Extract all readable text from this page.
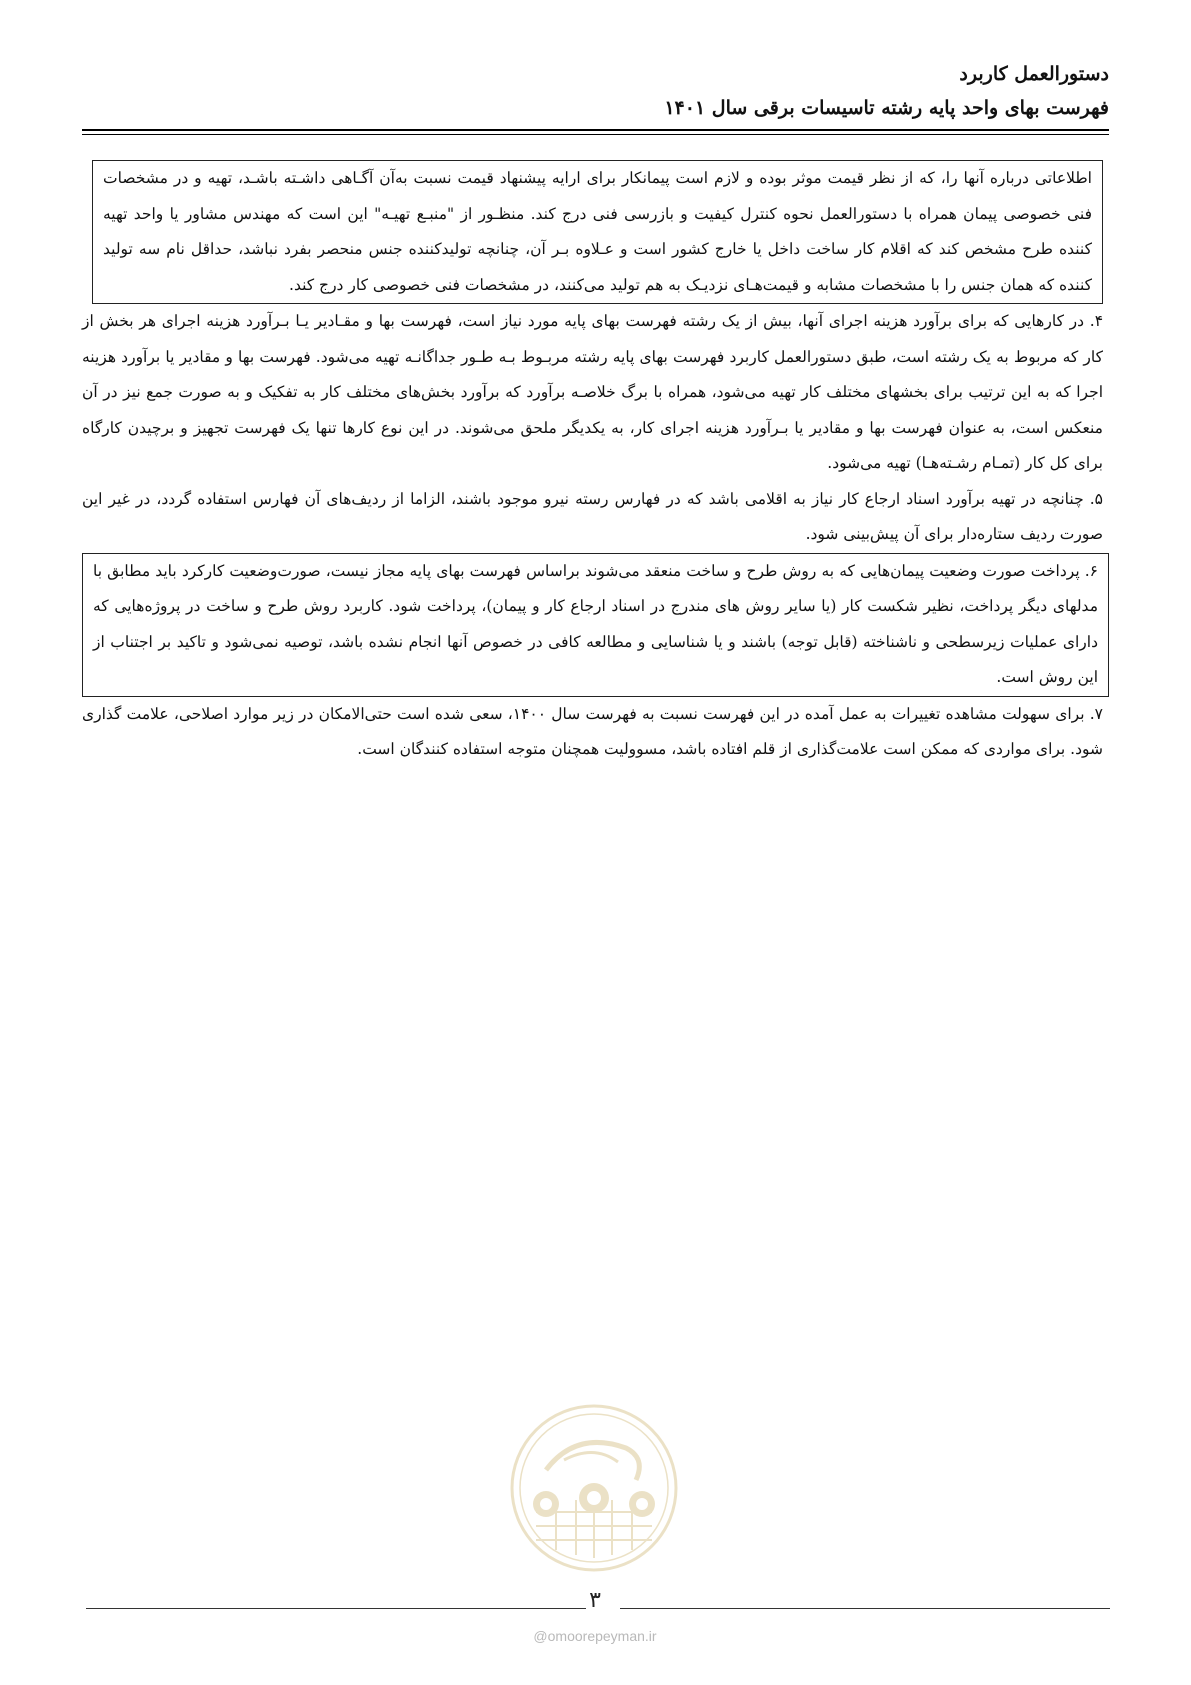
دستورالعمل کاربرد
فهرست بهای واحد پایه رشته تاسیسات برقی سال ۱۴۰۱

اطلاعاتی درباره آنها را، که از نظر قیمت موثر بوده و لازم است پیمانکار برای ارایه پیشنهاد قیمت نسبت به‌آن آگـاهی داشـته باشـد، تهیه و در مشخصات فنی خصوصی پیمان همراه با دستورالعمل نحوه کنترل کیفیت و بازرسی فنی درج کند. منظـور از "منبـع تهیـه" این است که مهندس مشاور یا واحد تهیه کننده طرح مشخص کند که اقلام کار ساخت داخل یا خارج کشور است و عـلاوه بـر آن، چنانچه تولیدکننده جنس منحصر بفرد نباشد، حداقل نام سه تولید کننده که همان جنس را با مشخصات مشابه و قیمت‌هـای نزدیـک به هم تولید می‌کنند، در مشخصات فنی خصوصی کار درج کند.

۴. در کارهایی که برای برآورد هزینه اجرای آنها، بیش از یک رشته فهرست بهای پایه مورد نیاز است، فهرست بها و مقـادیر یـا بـرآورد هزینه اجرای هر بخش از کار که مربوط به یک رشته است، طبق دستورالعمل کاربرد فهرست بهای پایه رشته مربـوط بـه طـور جداگانـه تهیه می‌شود. فهرست بها و مقادیر یا برآورد هزینه اجرا که به این ترتیب برای بخشهای مختلف کار تهیه می‌شود، همراه با برگ خلاصـه برآورد که برآورد بخش‌های مختلف کار به تفکیک و به صورت جمع نیز در آن منعکس است، به عنوان فهرست بها و مقادیر یا بـرآورد هزینه اجرای کار، به یکدیگر ملحق می‌شوند. در این نوع کارها تنها یک فهرست تجهیز و برچیدن کارگاه برای کل کار (تمـام رشـته‌هـا) تهیه می‌شود.

۵. چنانچه در تهیه برآورد اسناد ارجاع کار نیاز به اقلامی باشد که در فهارس رسته نیرو موجود باشند، الزاما از ردیف‌های آن فهارس استفاده گردد، در غیر این صورت ردیف ستاره‌دار برای آن پیش‌بینی شود.

۶. پرداخت صورت وضعیت پیمان‌هایی که به روش طرح و ساخت منعقد می‌شوند براساس فهرست بهای پایه مجاز نیست، صورت‌وضعیت کارکرد باید مطابق با مدلهای دیگر پرداخت، نظیر شکست کار (یا سایر روش های مندرج در اسناد ارجاع کار و پیمان)، پرداخت شود. کاربرد روش طرح و ساخت در پروژه‌هایی که دارای عملیات زیرسطحی و ناشناخته (قابل توجه) باشند و یا شناسایی و مطالعه کافی در خصوص آنها انجام نشده باشد، توصیه نمی‌شود و تاکید بر اجتناب از این روش است.

۷. برای سهولت مشاهده تغییرات به عمل آمده در این فهرست نسبت به فهرست سال ۱۴۰۰، سعی شده است حتی‌الامکان در زیر موارد اصلاحی، علامت گذاری شود. برای مواردی که ممکن است علامت‌گذاری از قلم افتاده باشد، مسوولیت همچنان متوجه استفاده کنندگان است.

۳
@omoorepeyman.ir
